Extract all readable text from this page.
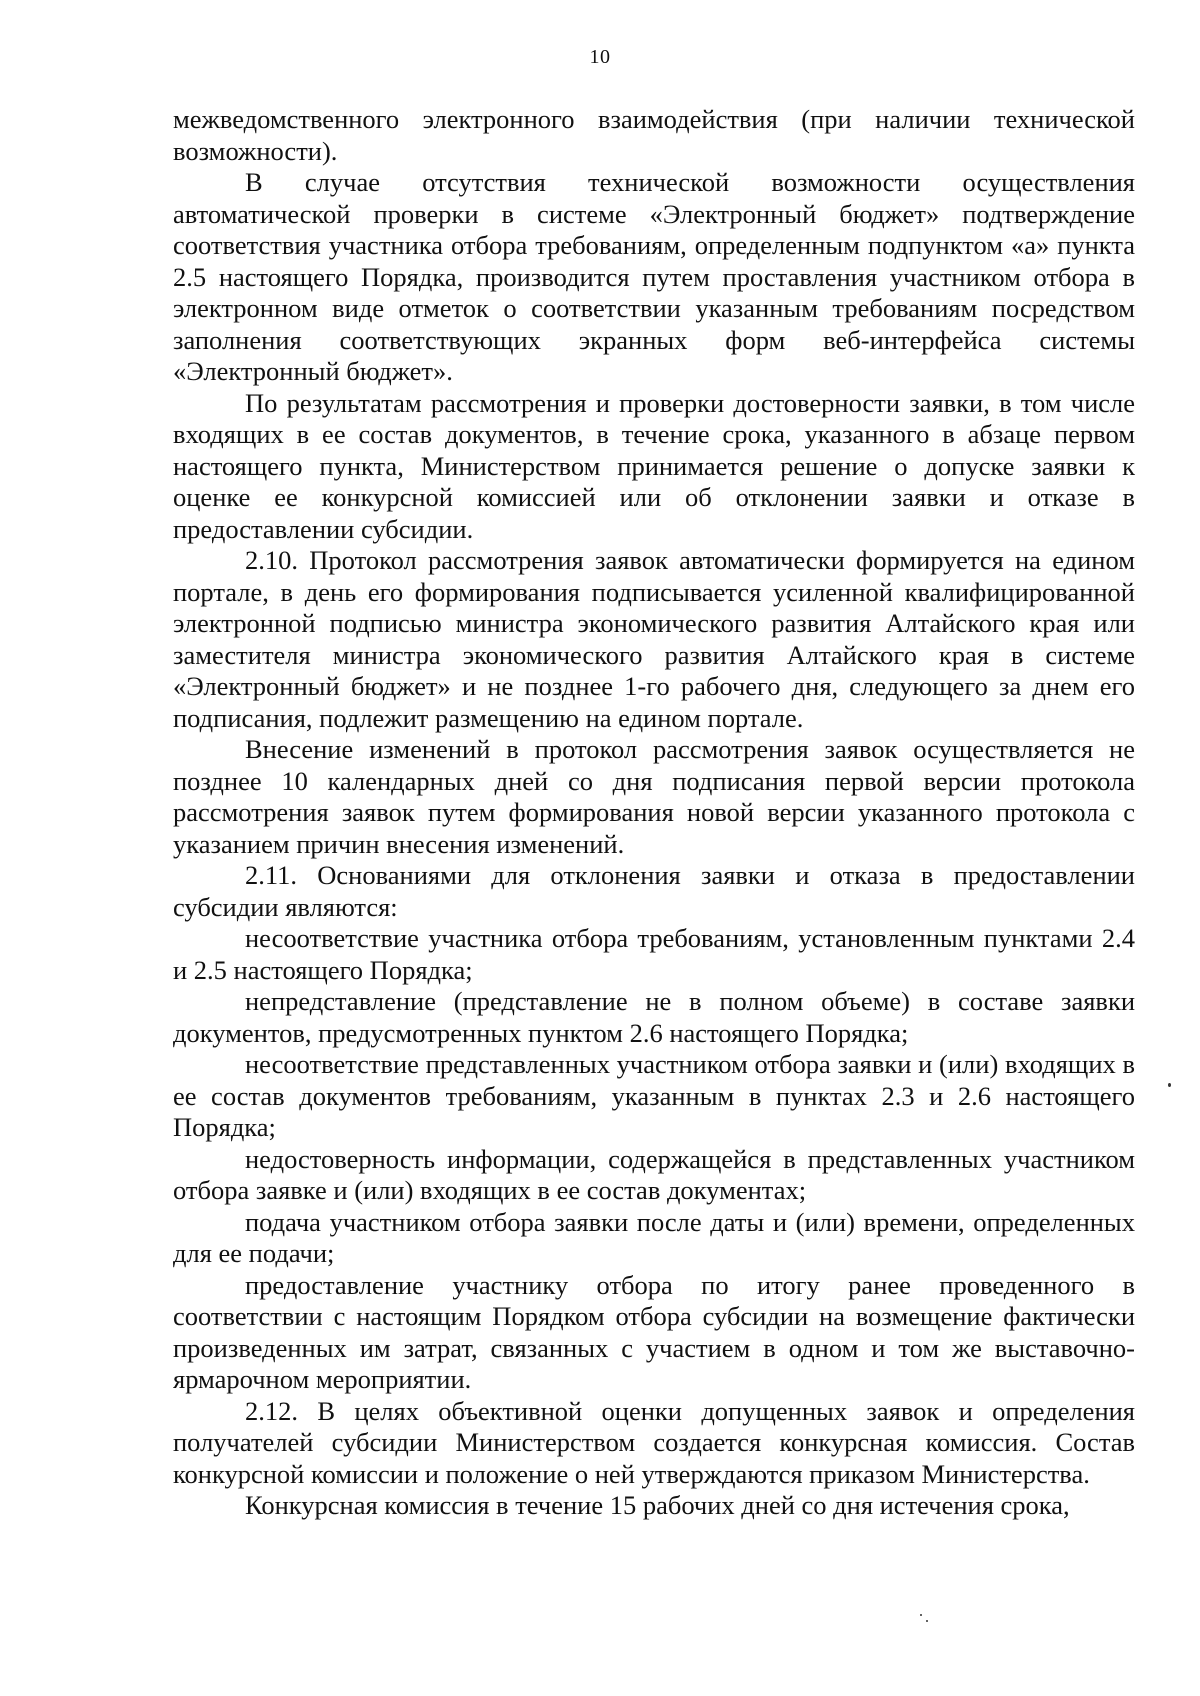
10

межведомственного электронного взаимодействия (при наличии технической возможности).

В случае отсутствия технической возможности осуществления автоматической проверки в системе «Электронный бюджет» подтверждение соответствия участника отбора требованиям, определенным подпунктом «а» пункта 2.5 настоящего Порядка, производится путем проставления участником отбора в электронном виде отметок о соответствии указанным требованиям посредством заполнения соответствующих экранных форм веб-интерфейса системы «Электронный бюджет».

По результатам рассмотрения и проверки достоверности заявки, в том числе входящих в ее состав документов, в течение срока, указанного в абзаце первом настоящего пункта, Министерством принимается решение о допуске заявки к оценке ее конкурсной комиссией или об отклонении заявки и отказе в предоставлении субсидии.

2.10. Протокол рассмотрения заявок автоматически формируется на едином портале, в день его формирования подписывается усиленной квалифицированной электронной подписью министра экономического развития Алтайского края или заместителя министра экономического развития Алтайского края в системе «Электронный бюджет» и не позднее 1-го рабочего дня, следующего за днем его подписания, подлежит размещению на едином портале.

Внесение изменений в протокол рассмотрения заявок осуществляется не позднее 10 календарных дней со дня подписания первой версии протокола рассмотрения заявок путем формирования новой версии указанного протокола с указанием причин внесения изменений.

2.11. Основаниями для отклонения заявки и отказа в предоставлении субсидии являются:

несоответствие участника отбора требованиям, установленным пунктами 2.4 и 2.5 настоящего Порядка;

непредставление (представление не в полном объеме) в составе заявки документов, предусмотренных пунктом 2.6 настоящего Порядка;

несоответствие представленных участником отбора заявки и (или) входящих в ее состав документов требованиям, указанным в пунктах 2.3 и 2.6 настоящего Порядка;

недостоверность информации, содержащейся в представленных участником отбора заявке и (или) входящих в ее состав документах;

подача участником отбора заявки после даты и (или) времени, определенных для ее подачи;

предоставление участнику отбора по итогу ранее проведенного в соответствии с настоящим Порядком отбора субсидии на возмещение фактически произведенных им затрат, связанных с участием в одном и том же выставочно-ярмарочном мероприятии.

2.12. В целях объективной оценки допущенных заявок и определения получателей субсидии Министерством создается конкурсная комиссия. Состав конкурсной комиссии и положение о ней утверждаются приказом Министерства.

Конкурсная комиссия в течение 15 рабочих дней со дня истечения срока,
